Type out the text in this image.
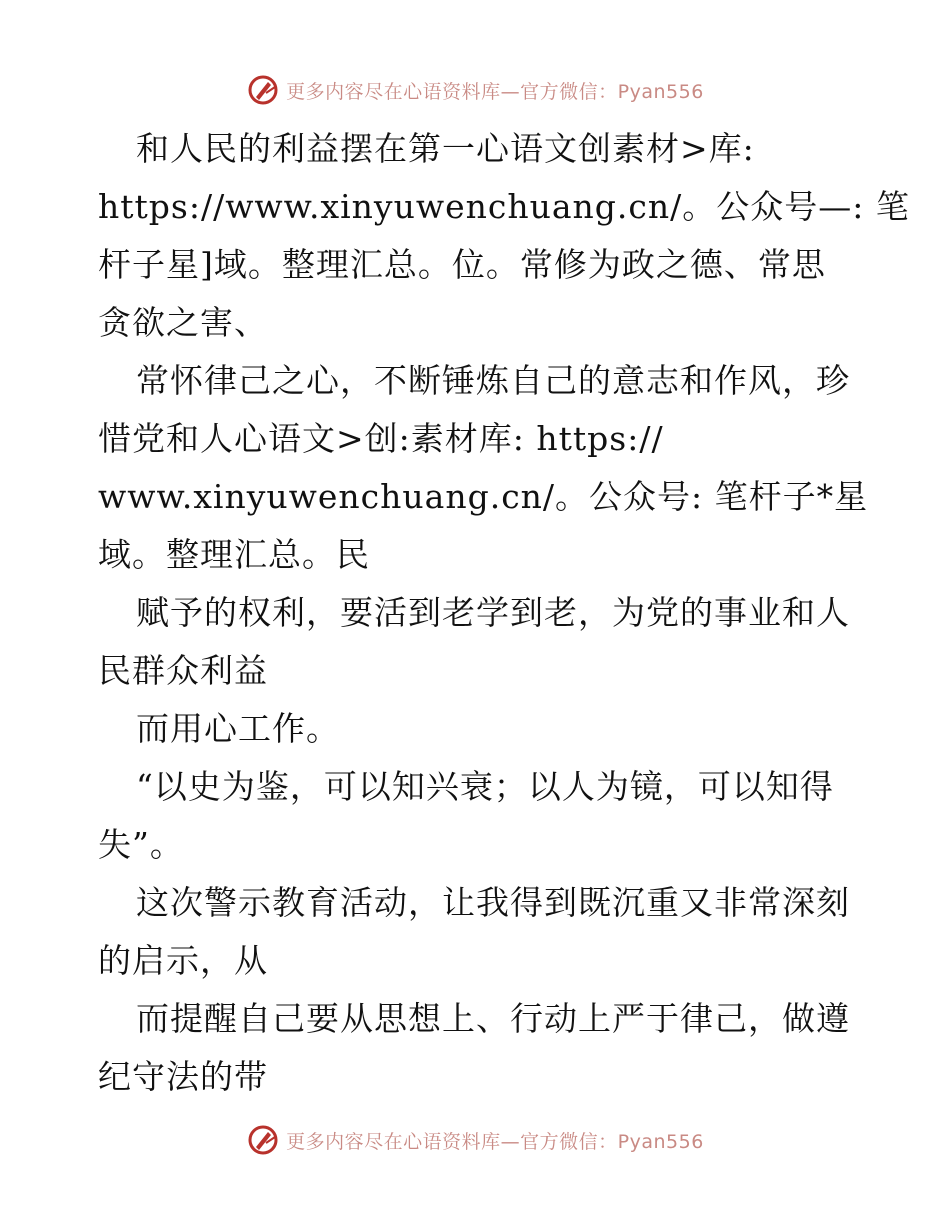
更多内容尽在心语资料库—官方微信：Pyan556
和人民的利益摆在第一心语文创素材>库:
https://www.xinyuwenchuang.cn/。公众号—: 笔
杆子星]域。整理汇总。位。常修为政之德、常思
贪欲之害、
常怀律己之心，不断锤炼自己的意志和作风，珍
惜党和人心语文>创:素材库: https://
www.xinyuwenchuang.cn/。公众号: 笔杆子*星
域。整理汇总。民
赋予的权利，要活到老学到老，为党的事业和人
民群众利益
而用心工作。
“以史为鉴，可以知兴衰；以人为镜，可以知得
失”。
这次警示教育活动，让我得到既沉重又非常深刻
的启示，从
而提醒自己要从思想上、行动上严于律己，做遵
纪守法的带
更多内容尽在心语资料库—官方微信：Pyan556
